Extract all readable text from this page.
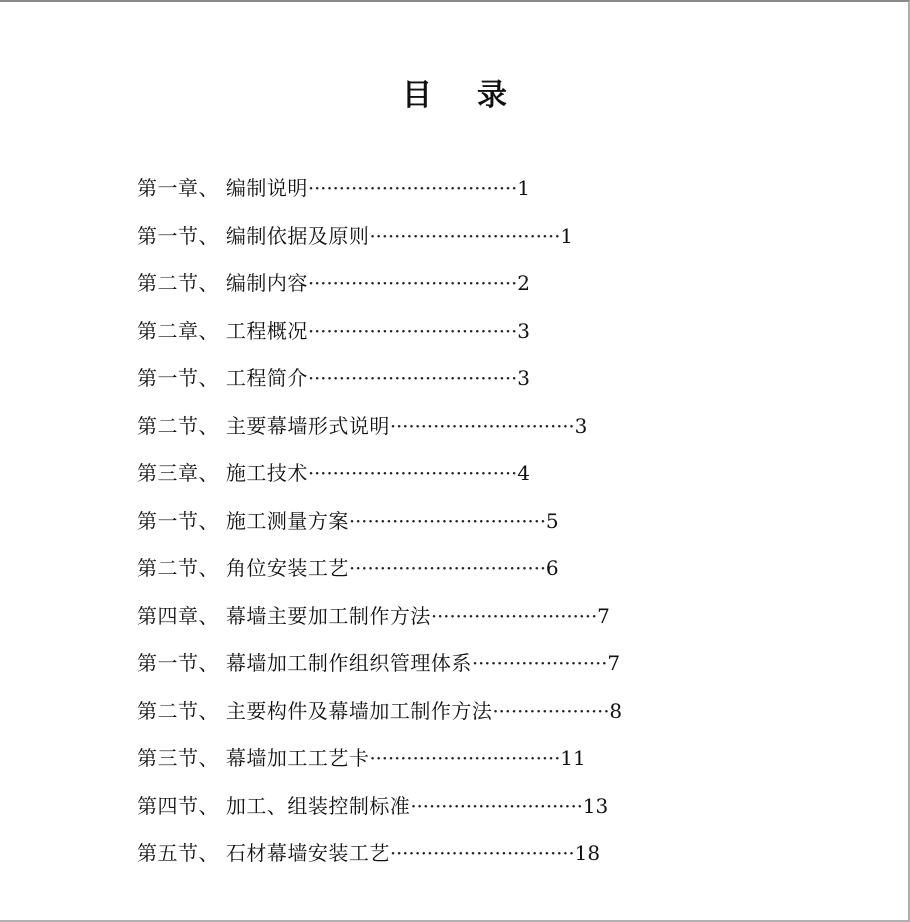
目 录
第一章、 编制说明 ·································· 1
第一节、 编制依据及原则 ······························· 1
第二节、 编制内容 ·································· 2
第二章、 工程概况 ·································· 3
第一节、 工程简介 ·································· 3
第二节、 主要幕墙形式说明 ······························ 3
第三章、 施工技术 ·································· 4
第一节、 施工测量方案 ································ 5
第二节、 角位安装工艺 ································ 6
第四章、 幕墙主要加工制作方法 ··························· 7
第一节、 幕墙加工制作组织管理体系 ······················ 7
第二节、 主要构件及幕墙加工制作方法 ··················· 8
第三节、 幕墙加工工艺卡 ······························· 11
第四节、 加工、组装控制标准 ···························· 13
第五节、 石材幕墙安装工艺 ······························ 18
